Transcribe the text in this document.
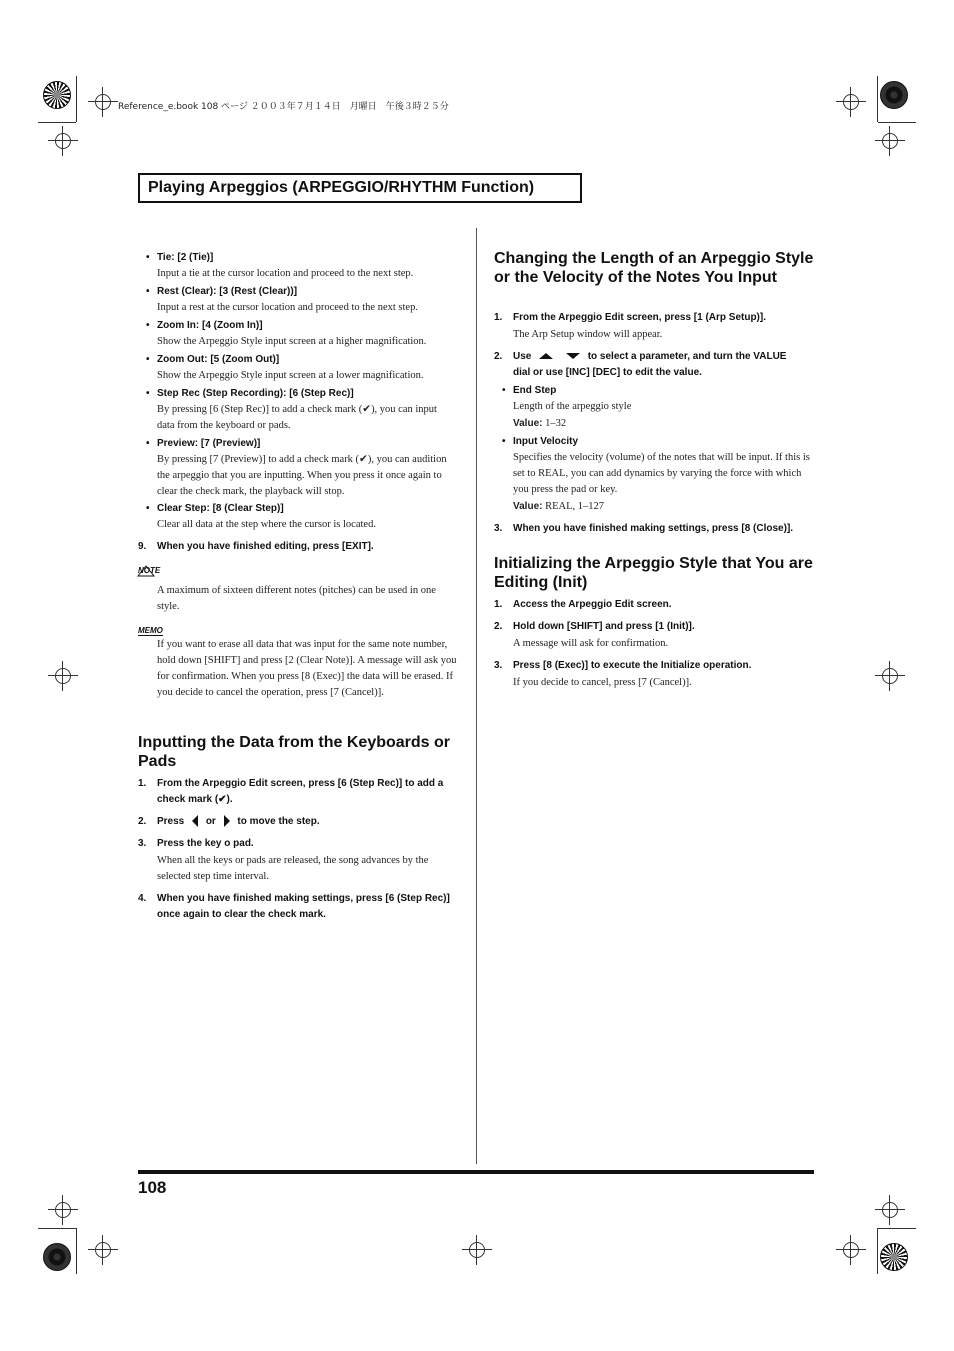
Reference_e.book 108 ページ ２００３年７月１４日　月曜日　午後３時２５分
Playing Arpeggios (ARPEGGIO/RHYTHM Function)
• Tie: [2 (Tie)]
Input a tie at the cursor location and proceed to the next step.
• Rest (Clear): [3 (Rest (Clear))]
Input a rest at the cursor location and proceed to the next step.
• Zoom In: [4 (Zoom In)]
Show the Arpeggio Style input screen at a higher magnification.
• Zoom Out: [5 (Zoom Out)]
Show the Arpeggio Style input screen at a lower magnification.
• Step Rec (Step Recording): [6 (Step Rec)]
By pressing [6 (Step Rec)] to add a check mark (✔), you can input data from the keyboard or pads.
• Preview: [7 (Preview)]
By pressing [7 (Preview)] to add a check mark (✔), you can audition the arpeggio that you are inputting. When you press it once again to clear the check mark, the playback will stop.
• Clear Step: [8 (Clear Step)]
Clear all data at the step where the cursor is located.
9. When you have finished editing, press [EXIT].
NOTE
A maximum of sixteen different notes (pitches) can be used in one style.
MEMO
If you want to erase all data that was input for the same note number, hold down [SHIFT] and press [2 (Clear Note)]. A message will ask you for confirmation. When you press [8 (Exec)] the data will be erased. If you decide to cancel the operation, press [7 (Cancel)].
Inputting the Data from the Keyboards or Pads
1. From the Arpeggio Edit screen, press [6 (Step Rec)] to add a check mark (✔).
2. Press or to move the step.
3. Press the key o pad.
When all the keys or pads are released, the song advances by the selected step time interval.
4. When you have finished making settings, press [6 (Step Rec)] once again to clear the check mark.
Changing the Length of an Arpeggio Style or the Velocity of the Notes You Input
1. From the Arpeggio Edit screen, press [1 (Arp Setup)].
The Arp Setup window will appear.
2. Use	to select a parameter, and turn the VALUE
dial or use [INC] [DEC] to edit the value.
• End Step
Length of the arpeggio style
Value: 1–32
• Input Velocity
Specifies the velocity (volume) of the notes that will be input. If this is set to REAL, you can add dynamics by varying the force with which you press the pad or key.
Value: REAL, 1–127
3. When you have finished making settings, press [8 (Close)].
Initializing the Arpeggio Style that You are Editing (Init)
1. Access the Arpeggio Edit screen.
2. Hold down [SHIFT] and press [1 (Init)].
A message will ask for confirmation.
3. Press [8 (Exec)] to execute the Initialize operation.
If you decide to cancel, press [7 (Cancel)].
108
